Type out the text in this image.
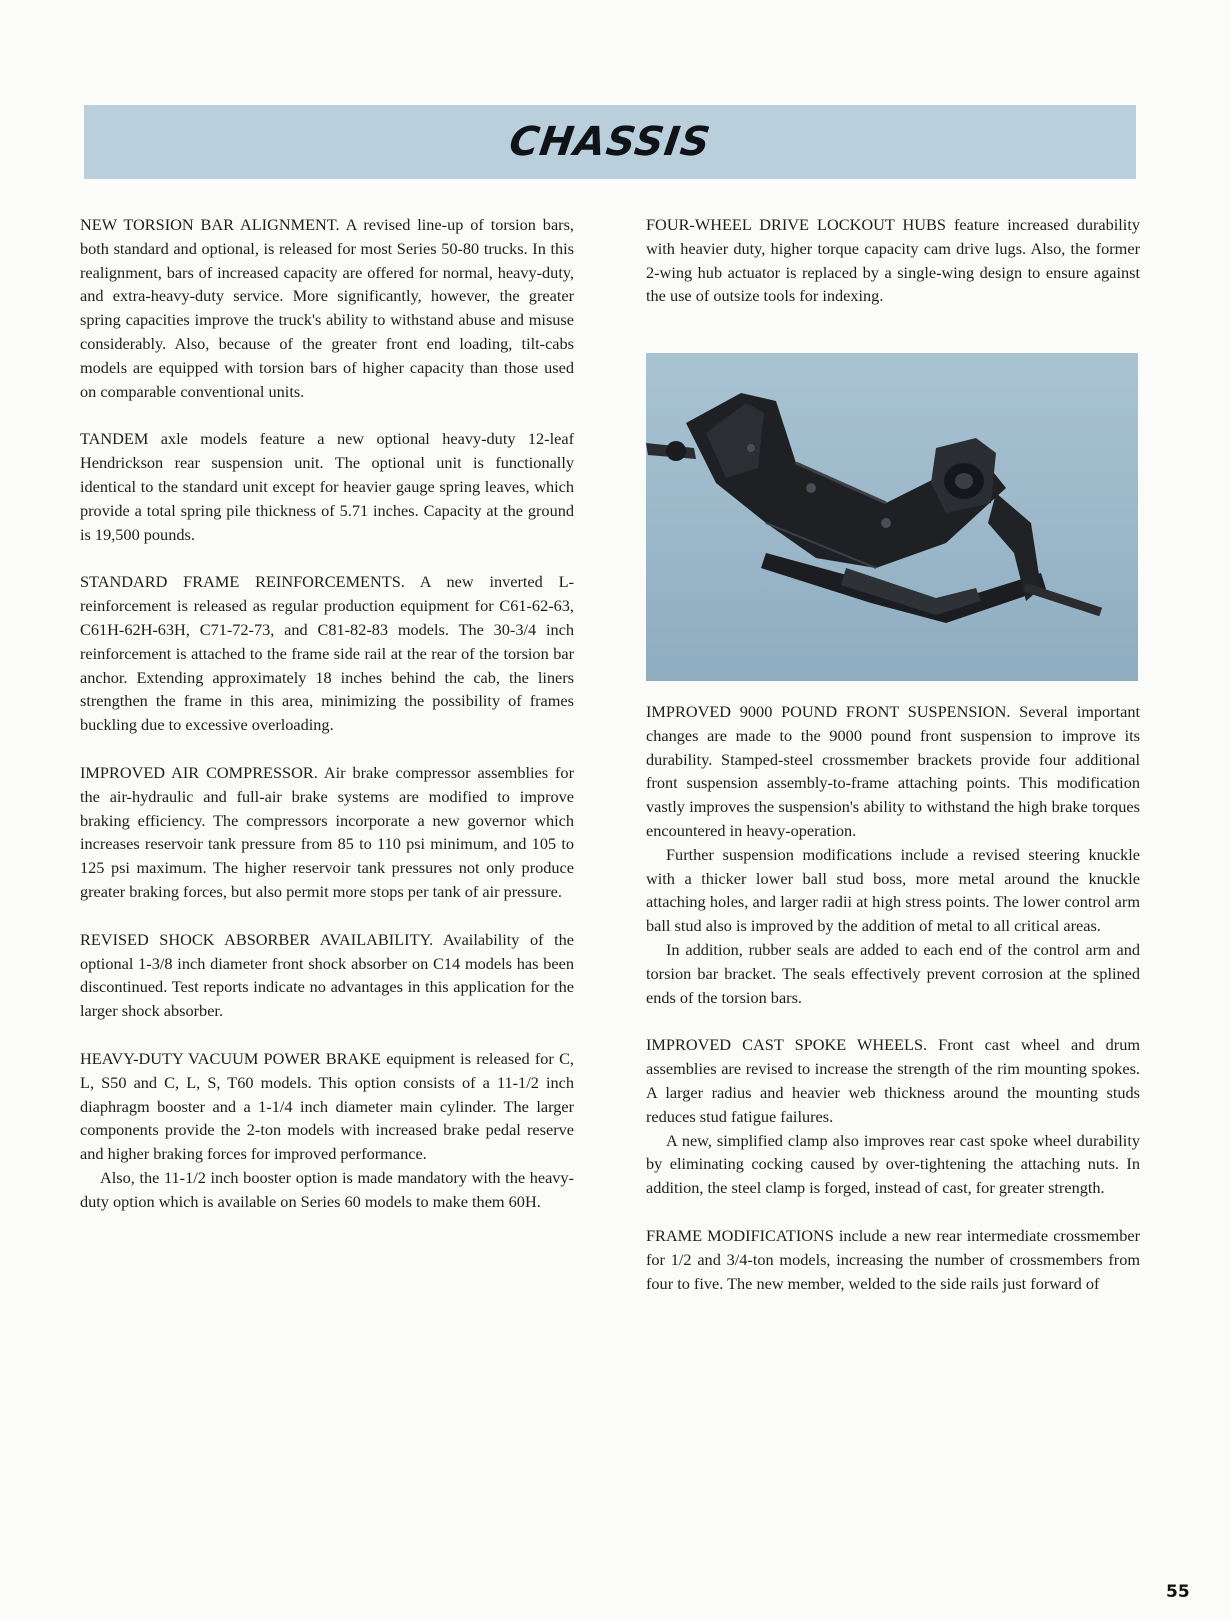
CHASSIS

NEW TORSION BAR ALIGNMENT. A revised line-up of torsion bars, both standard and optional, is released for most Series 50-80 trucks. In this realignment, bars of increased capacity are offered for normal, heavy-duty, and extra-heavy-duty service. More significantly, however, the greater spring capacities improve the truck's ability to withstand abuse and misuse considerably. Also, because of the greater front end loading, tilt-cabs models are equipped with torsion bars of higher capacity than those used on comparable conventional units.

TANDEM axle models feature a new optional heavy-duty 12-leaf Hendrickson rear suspension unit. The optional unit is functionally identical to the standard unit except for heavier gauge spring leaves, which provide a total spring pile thickness of 5.71 inches. Capacity at the ground is 19,500 pounds.

STANDARD FRAME REINFORCEMENTS. A new inverted L-reinforcement is released as regular production equipment for C61-62-63, C61H-62H-63H, C71-72-73, and C81-82-83 models. The 30-3/4 inch reinforcement is attached to the frame side rail at the rear of the torsion bar anchor. Extending approximately 18 inches behind the cab, the liners strengthen the frame in this area, minimizing the possibility of frames buckling due to excessive overloading.

IMPROVED AIR COMPRESSOR. Air brake compressor assemblies for the air-hydraulic and full-air brake systems are modified to improve braking efficiency. The compressors incorporate a new governor which increases reservoir tank pressure from 85 to 110 psi minimum, and 105 to 125 psi maximum. The higher reservoir tank pressures not only produce greater braking forces, but also permit more stops per tank of air pressure.

REVISED SHOCK ABSORBER AVAILABILITY. Availability of the optional 1-3/8 inch diameter front shock absorber on C14 models has been discontinued. Test reports indicate no advantages in this application for the larger shock absorber.

HEAVY-DUTY VACUUM POWER BRAKE equipment is released for C, L, S50 and C, L, S, T60 models. This option consists of a 11-1/2 inch diaphragm booster and a 1-1/4 inch diameter main cylinder. The larger components provide the 2-ton models with increased brake pedal reserve and higher braking forces for improved performance.

Also, the 11-1/2 inch booster option is made mandatory with the heavy-duty option which is available on Series 60 models to make them 60H.

FOUR-WHEEL DRIVE LOCKOUT HUBS feature increased durability with heavier duty, higher torque capacity cam drive lugs. Also, the former 2-wing hub actuator is replaced by a single-wing design to ensure against the use of outsize tools for indexing.

IMPROVED 9000 POUND FRONT SUSPENSION. Several important changes are made to the 9000 pound front suspension to improve its durability. Stamped-steel crossmember brackets provide four additional front suspension assembly-to-frame attaching points. This modification vastly improves the suspension's ability to withstand the high brake torques encountered in heavy-operation.

Further suspension modifications include a revised steering knuckle with a thicker lower ball stud boss, more metal around the knuckle attaching holes, and larger radii at high stress points. The lower control arm ball stud also is improved by the addition of metal to all critical areas.

In addition, rubber seals are added to each end of the control arm and torsion bar bracket. The seals effectively prevent corrosion at the splined ends of the torsion bars.

IMPROVED CAST SPOKE WHEELS. Front cast wheel and drum assemblies are revised to increase the strength of the rim mounting spokes. A larger radius and heavier web thickness around the mounting studs reduces stud fatigue failures.

A new, simplified clamp also improves rear cast spoke wheel durability by eliminating cocking caused by over-tightening the attaching nuts. In addition, the steel clamp is forged, instead of cast, for greater strength.

FRAME MODIFICATIONS include a new rear intermediate crossmember for 1/2 and 3/4-ton models, increasing the number of crossmembers from four to five. The new member, welded to the side rails just forward of

55
